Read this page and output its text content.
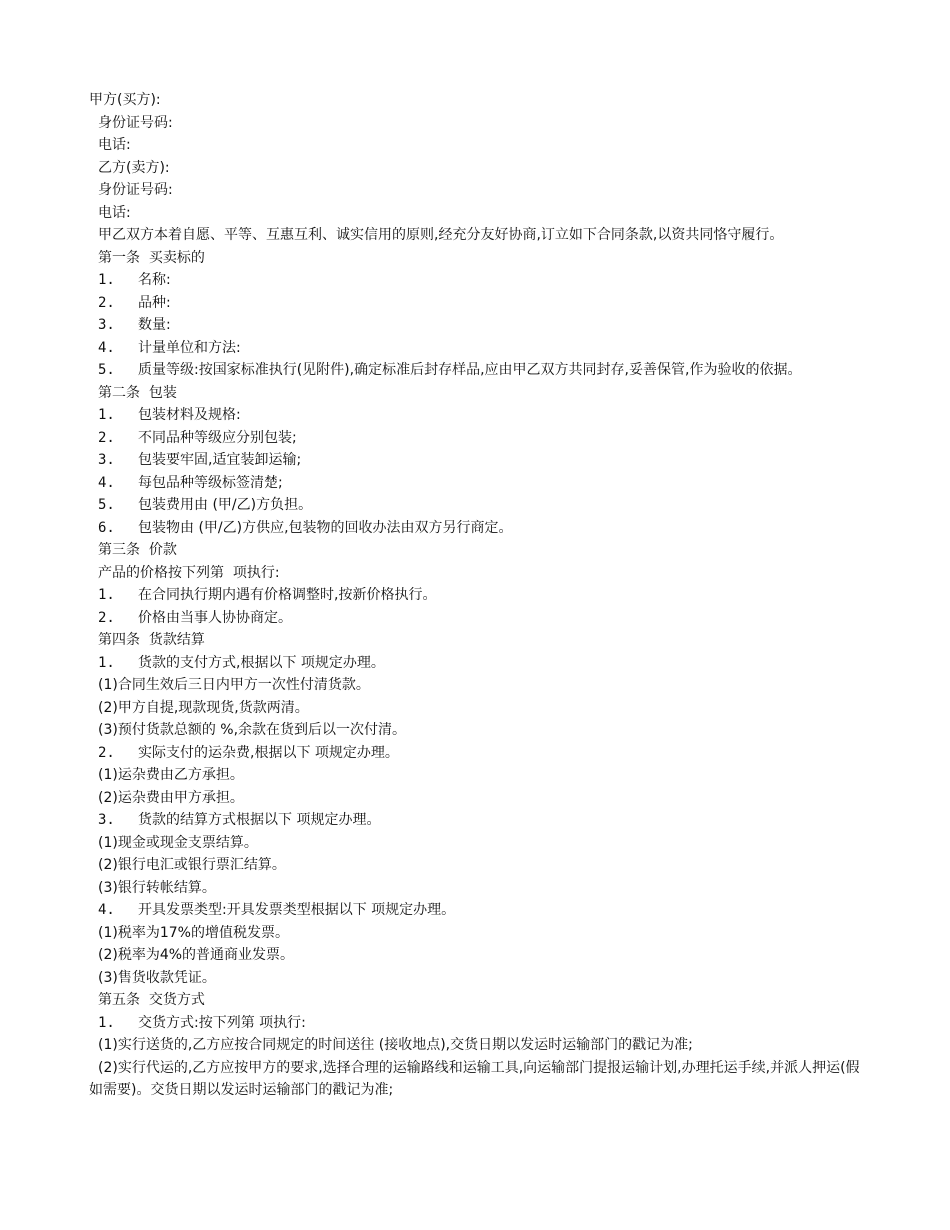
甲方(买方):
身份证号码:
电话:
乙方(卖方):
身份证号码:
电话:
甲乙双方本着自愿、平等、互惠互利、诚实信用的原则,经充分友好协商,订立如下合同条款,以资共同恪守履行。
第一条  买卖标的
1.	名称:
2.	品种:
3.	数量:
4.	计量单位和方法:
5.	质量等级:按国家标准执行(见附件),确定标准后封存样品,应由甲乙双方共同封存,妥善保管,作为验收的依据。
第二条  包装
1.	包装材料及规格:
2.	不同品种等级应分别包装;
3.	包装要牢固,适宜装卸运输;
4.	每包品种等级标签清楚;
5.	包装费用由 (甲/乙)方负担。
6.	包装物由 (甲/乙)方供应,包装物的回收办法由双方另行商定。
第三条  价款
产品的价格按下列第  项执行:
1.	在合同执行期内遇有价格调整时,按新价格执行。
2.	价格由当事人协协商定。
第四条  货款结算
1.	货款的支付方式,根据以下 项规定办理。
(1)合同生效后三日内甲方一次性付清货款。
(2)甲方自提,现款现货,货款两清。
(3)预付货款总额的 %,余款在货到后以一次付清。
2.	实际支付的运杂费,根据以下 项规定办理。
(1)运杂费由乙方承担。
(2)运杂费由甲方承担。
3.	货款的结算方式根据以下 项规定办理。
(1)现金或现金支票结算。
(2)银行电汇或银行票汇结算。
(3)银行转帐结算。
4.	开具发票类型:开具发票类型根据以下 项规定办理。
(1)税率为17%的增值税发票。
(2)税率为4%的普通商业发票。
(3)售货收款凭证。
第五条  交货方式
1.	交货方式:按下列第 项执行:
(1)实行送货的,乙方应按合同规定的时间送往 (接收地点),交货日期以发运时运输部门的戳记为准;
(2)实行代运的,乙方应按甲方的要求,选择合理的运输路线和运输工具,向运输部门提报运输计划,办理托运手续,并派人押运(假如需要)。交货日期以发运时运输部门的戳记为准;
